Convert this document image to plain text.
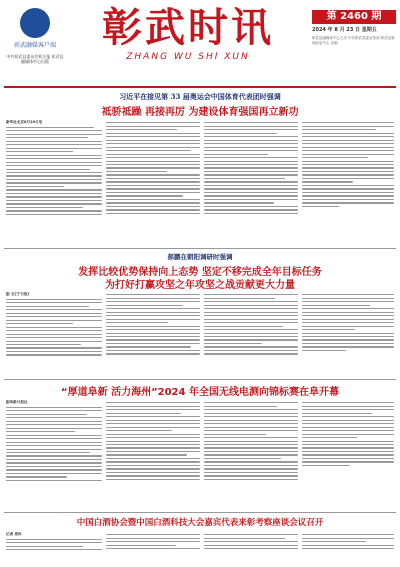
彰武融媒客户端
中共彰武县委员会机关报 彰武县融媒体中心出版
彰武时讯
ZHANG WU SHI XUN
第 2460 期
2024 年 8 月 23 日 星期五
彰武县融媒体中心主办 中共彰武县委宣传部 彰武县新闻信息中心 出版
习近平在接见第 33 届奥运会中国体育代表团时强调
祗骄祗躁 再接再厉 为建设体育强国再立新功
新华社北京8月20日电
郝鹏在朝阳调研时强调
发挥比较优势保持向上态势 坚定不移完成全年目标任务
为打好打赢攻坚之年攻坚之战贡献更大力量
据《辽宁日报》
“厚道阜新 活力海州”2024 年全国无线电测向锦标赛在阜开幕
据阜新日报社
中国白酒协会暨中国白酒科技大会嘉宾代表来彰考察座谈会议召开
记者 周冉
